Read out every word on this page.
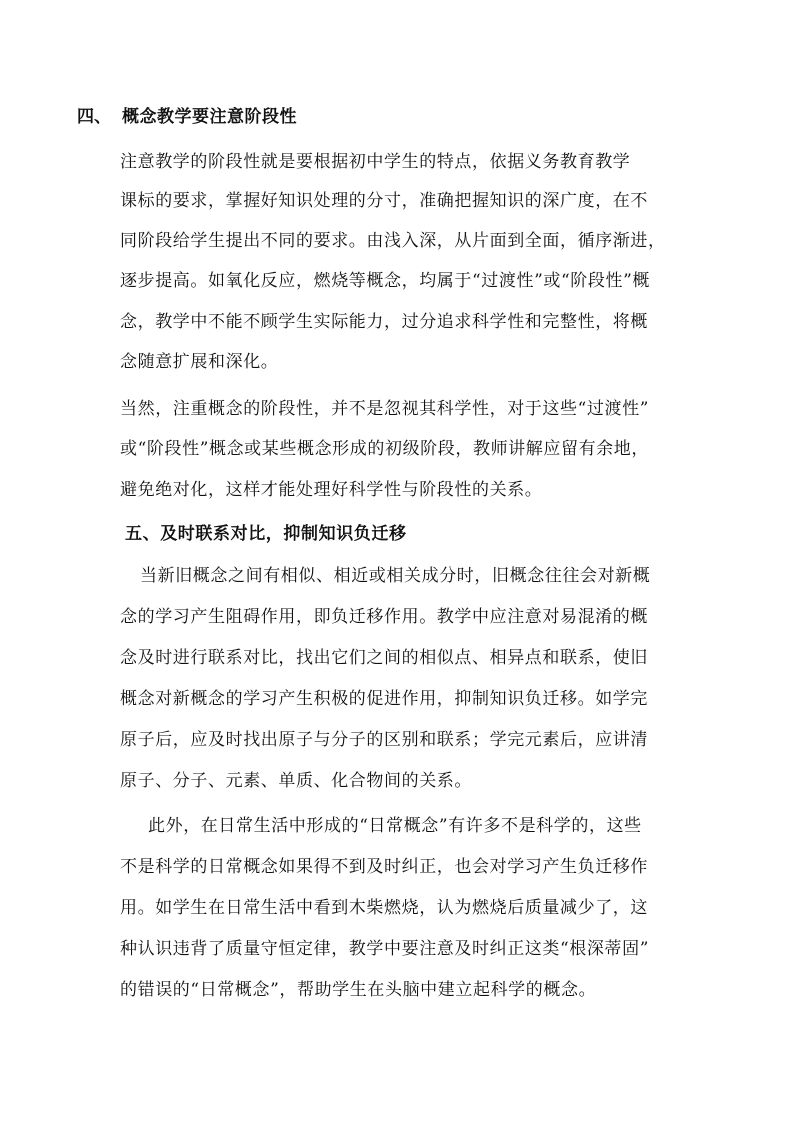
四、 概念教学要注意阶段性
注意教学的阶段性就是要根据初中学生的特点，依据义务教育教学
课标的要求，掌握好知识处理的分寸，准确把握知识的深广度，在不
同阶段给学生提出不同的要求。由浅入深，从片面到全面，循序渐进，
逐步提高。如氧化反应，燃烧等概念，均属于“过渡性”或“阶段性”概
念，教学中不能不顾学生实际能力，过分追求科学性和完整性，将概
念随意扩展和深化。
当然，注重概念的阶段性，并不是忽视其科学性，对于这些“过渡性”
或“阶段性”概念或某些概念形成的初级阶段，教师讲解应留有余地，
避免绝对化，这样才能处理好科学性与阶段性的关系。
五、及时联系对比，抑制知识负迁移
当新旧概念之间有相似、相近或相关成分时，旧概念往往会对新概
念的学习产生阻碍作用，即负迁移作用。教学中应注意对易混淆的概
念及时进行联系对比，找出它们之间的相似点、相异点和联系，使旧
概念对新概念的学习产生积极的促进作用，抑制知识负迁移。如学完
原子后，应及时找出原子与分子的区别和联系；学完元素后，应讲清
原子、分子、元素、单质、化合物间的关系。
此外，在日常生活中形成的“日常概念”有许多不是科学的，这些
不是科学的日常概念如果得不到及时纠正，也会对学习产生负迁移作
用。如学生在日常生活中看到木柴燃烧，认为燃烧后质量减少了，这
种认识违背了质量守恒定律，教学中要注意及时纠正这类“根深蒂固”
的错误的“日常概念”，帮助学生在头脑中建立起科学的概念。
